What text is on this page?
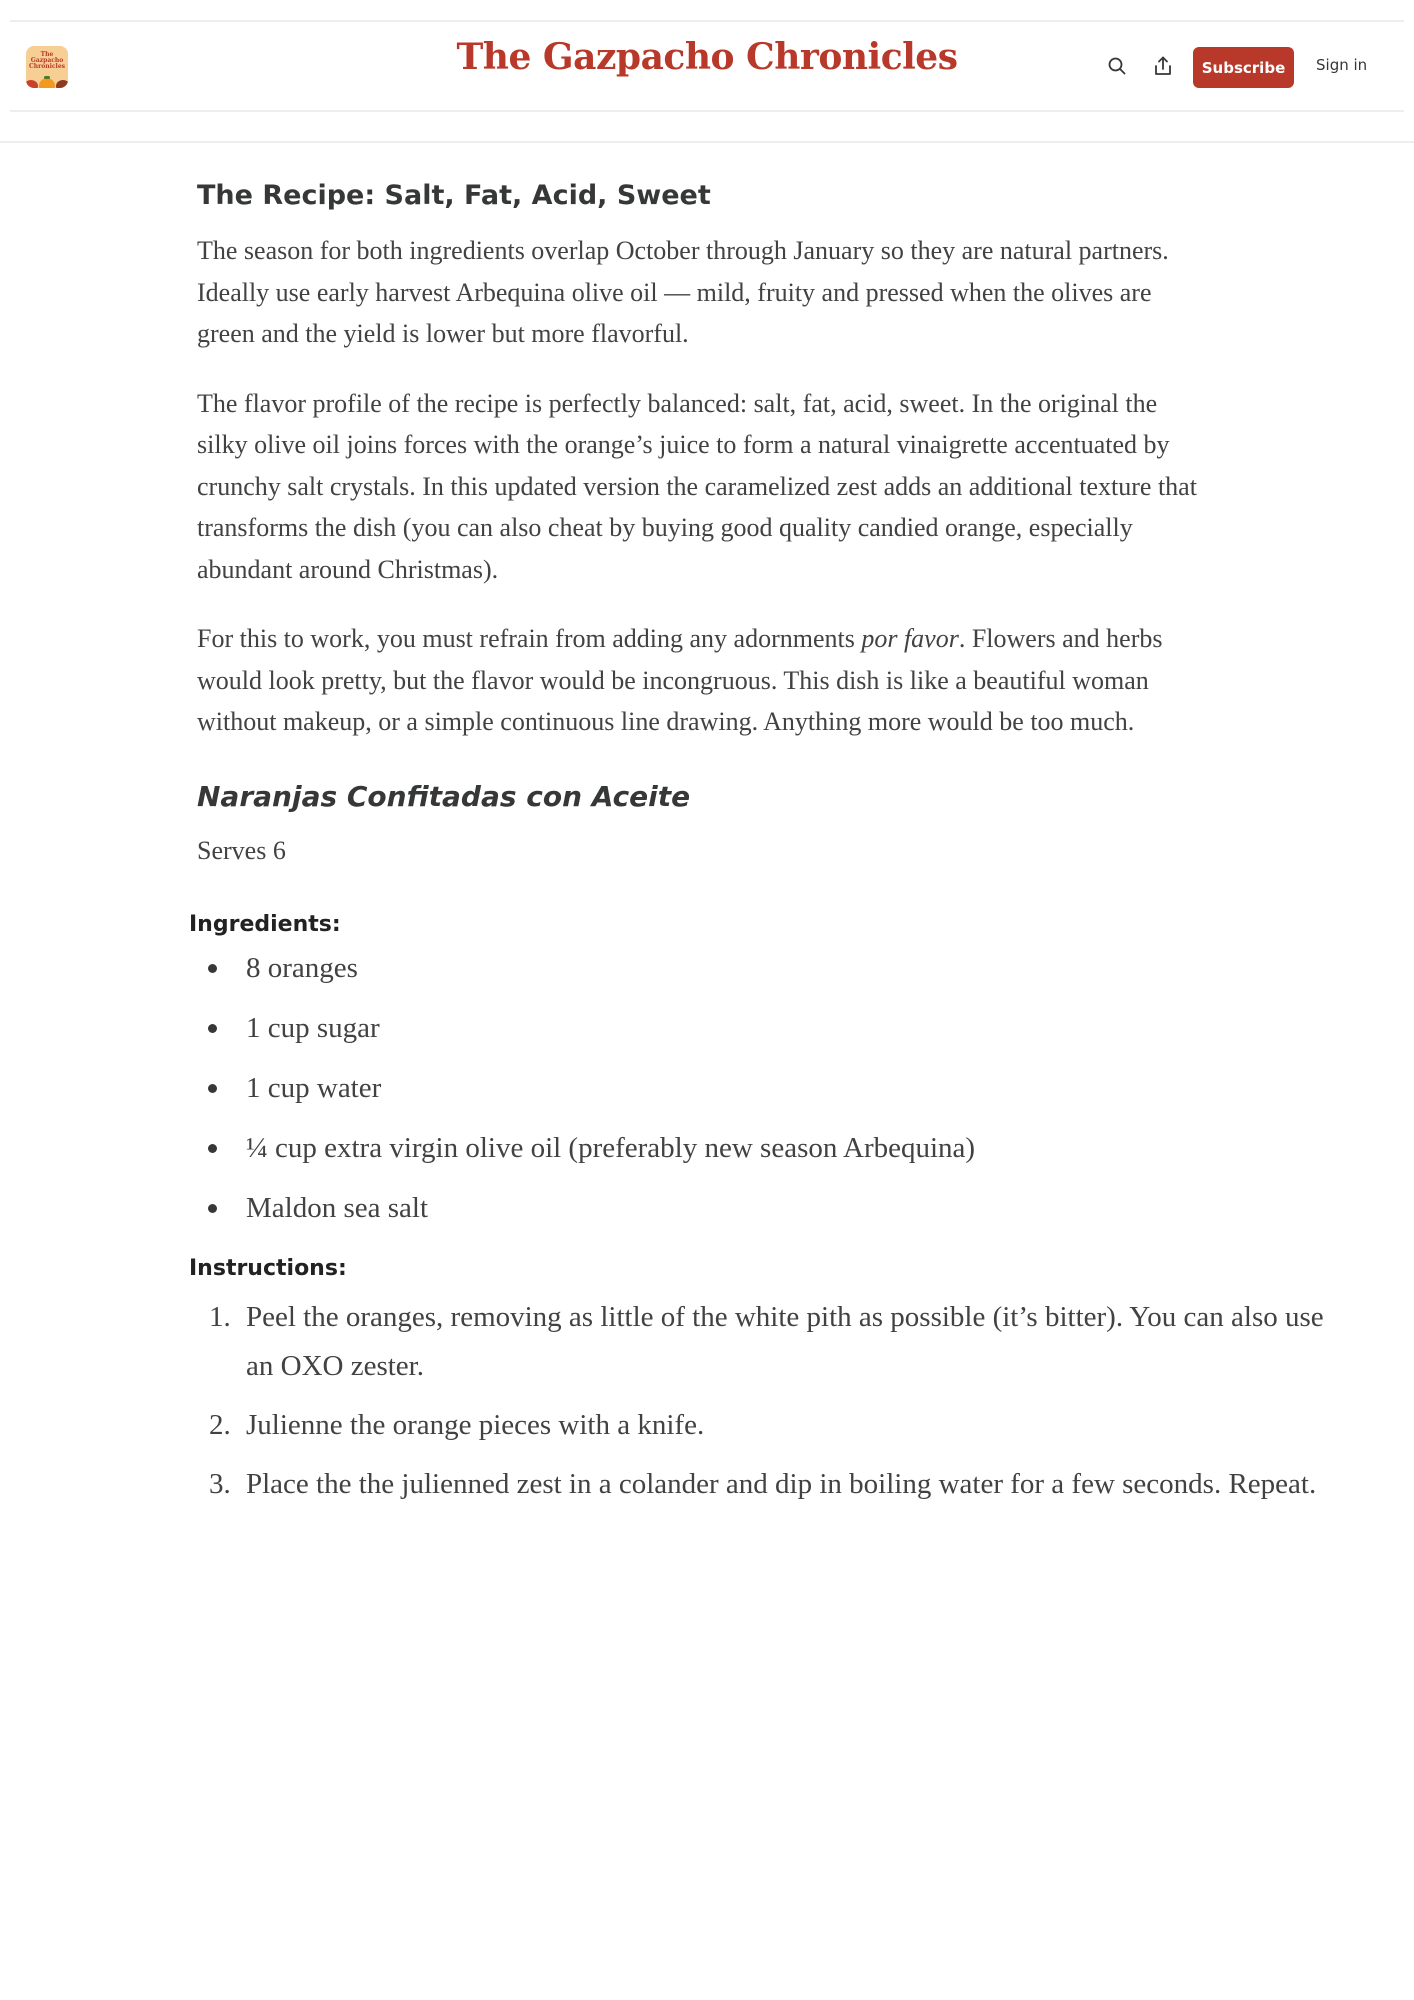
The
Gazpacho
Chronicles	The Gazpacho Chronicles	Subscribe	Sign in
The Recipe: Salt, Fat, Acid, Sweet

The season for both ingredients overlap October through January so they are natural partners. Ideally use early harvest Arbequina olive oil — mild, fruity and pressed when the olives are green and the yield is lower but more flavorful.

The flavor profile of the recipe is perfectly balanced: salt, fat, acid, sweet. In the original the silky olive oil joins forces with the orange’s juice to form a natural vinaigrette accentuated by crunchy salt crystals. In this updated version the caramelized zest adds an additional texture that transforms the dish (you can also cheat by buying good quality candied orange, especially abundant around Christmas).

For this to work, you must refrain from adding any adornments por favor. Flowers and herbs would look pretty, but the flavor would be incongruous. This dish is like a beautiful woman without makeup, or a simple continuous line drawing. Anything more would be too much.

Naranjas Confitadas con Aceite

Serves 6

Ingredients:
8 oranges
1 cup sugar
1 cup water
¼ cup extra virgin olive oil (preferably new season Arbequina)
Maldon sea salt
Instructions:
1. Peel the oranges, removing as little of the white pith as possible (it’s bitter). You can also use an OXO zester.
2. Julienne the orange pieces with a knife.
3. Place the the julienned zest in a colander and dip in boiling water for a few seconds. Repeat.
